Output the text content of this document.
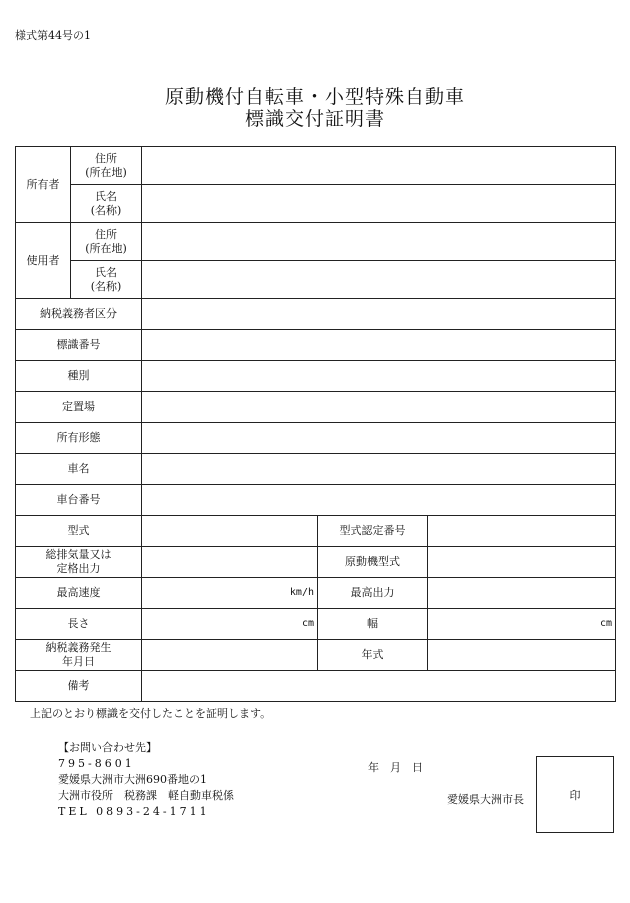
様式第44号の1
原動機付自転車・小型特殊自動車
標識交付証明書
所有者	住所
(所在地)			
	氏名
(名称)			
使用者	住所
(所在地)			
	氏名
(名称)			
納税義務者区分				
標識番号				
種別				
定置場				
所有形態				
車名				
車台番号				
型式			型式認定番号	
総排気量又は
定格出力			原動機型式	
最高速度		km/h	最高出力	
長さ		cm	幅	cm

納税義務発生
年月日			年式	
備考				
上記のとおり標識を交付したことを証明します。
【お問い合わせ先】
795-8601
愛媛県大洲市大洲690番地の1
大洲市役所　税務課　軽自動車税係
TEL 0893-24-1711
年　月　日
愛媛県大洲市長	印
